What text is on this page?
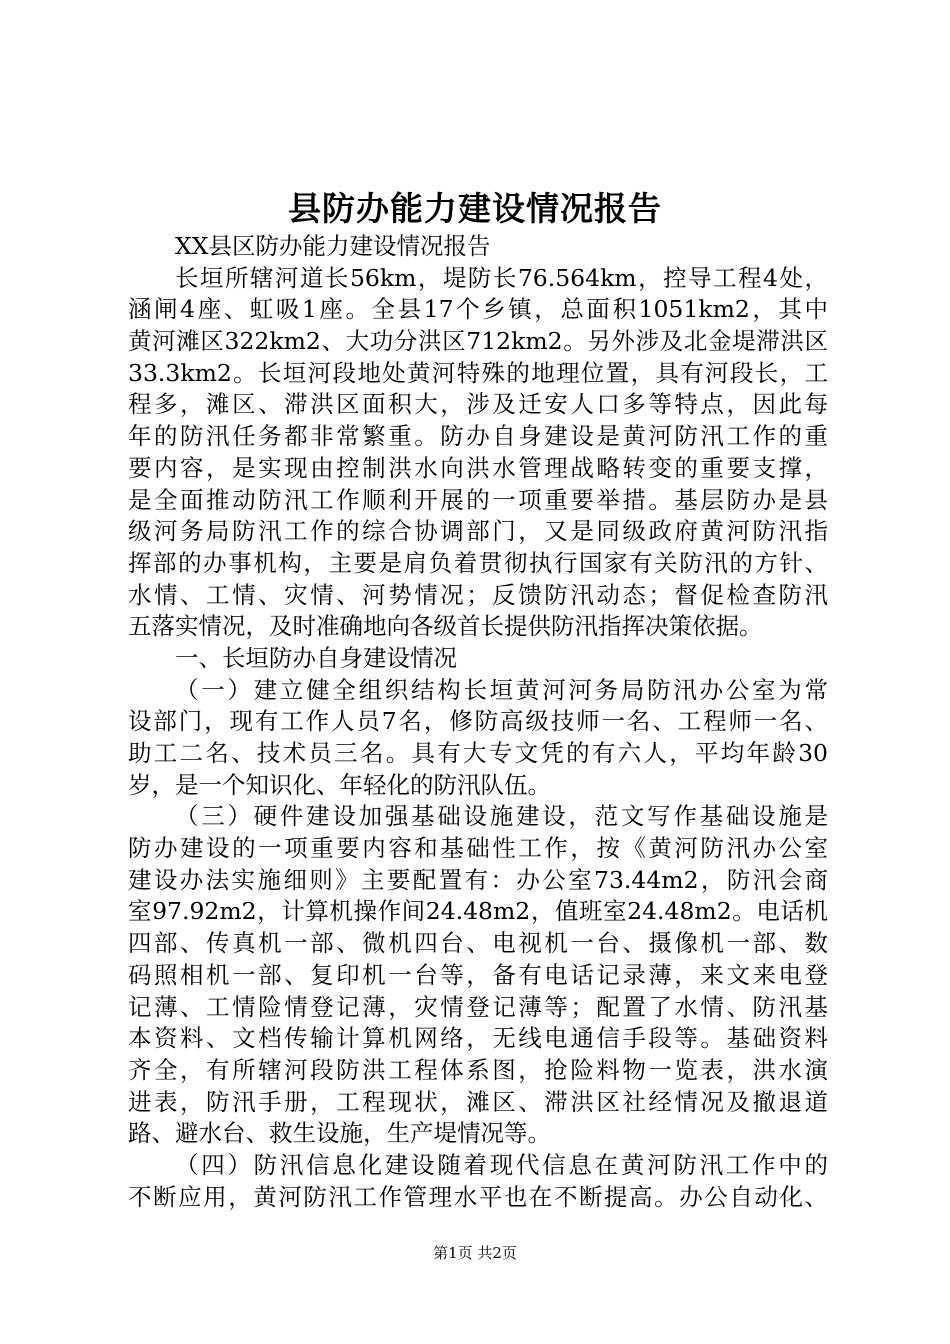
县防办能力建设情况报告
XX县区防办能力建设情况报告
长垣所辖河道长56km，堤防长76.564km，控导工程4处，
涵闸4座、虹吸1座。全县17个乡镇，总面积1051km2，其中
黄河滩区322km2、大功分洪区712km2。另外涉及北金堤滞洪区
33.3km2。长垣河段地处黄河特殊的地理位置，具有河段长，工
程多，滩区、滞洪区面积大，涉及迁安人口多等特点，因此每
年的防汛任务都非常繁重。防办自身建设是黄河防汛工作的重
要内容，是实现由控制洪水向洪水管理战略转变的重要支撑，
是全面推动防汛工作顺利开展的一项重要举措。基层防办是县
级河务局防汛工作的综合协调部门，又是同级政府黄河防汛指
挥部的办事机构，主要是肩负着贯彻执行国家有关防汛的方针、
水情、工情、灾情、河势情况；反馈防汛动态；督促检查防汛
五落实情况，及时准确地向各级首长提供防汛指挥决策依据。
一、长垣防办自身建设情况
（一）建立健全组织结构长垣黄河河务局防汛办公室为常
设部门，现有工作人员7名，修防高级技师一名、工程师一名、
助工二名、技术员三名。具有大专文凭的有六人，平均年龄30
岁，是一个知识化、年轻化的防汛队伍。
（三）硬件建设加强基础设施建设，范文写作基础设施是
防办建设的一项重要内容和基础性工作，按《黄河防汛办公室
建设办法实施细则》主要配置有：办公室73.44m2，防汛会商
室97.92m2，计算机操作间24.48m2，值班室24.48m2。电话机
四部、传真机一部、微机四台、电视机一台、摄像机一部、数
码照相机一部、复印机一台等，备有电话记录薄，来文来电登
记薄、工情险情登记薄，灾情登记薄等；配置了水情、防汛基
本资料、文档传输计算机网络，无线电通信手段等。基础资料
齐全，有所辖河段防洪工程体系图，抢险料物一览表，洪水演
进表，防汛手册，工程现状，滩区、滞洪区社经情况及撤退道
路、避水台、救生设施，生产堤情况等。
（四）防汛信息化建设随着现代信息在黄河防汛工作中的
不断应用，黄河防汛工作管理水平也在不断提高。办公自动化、
第1页 共2页
